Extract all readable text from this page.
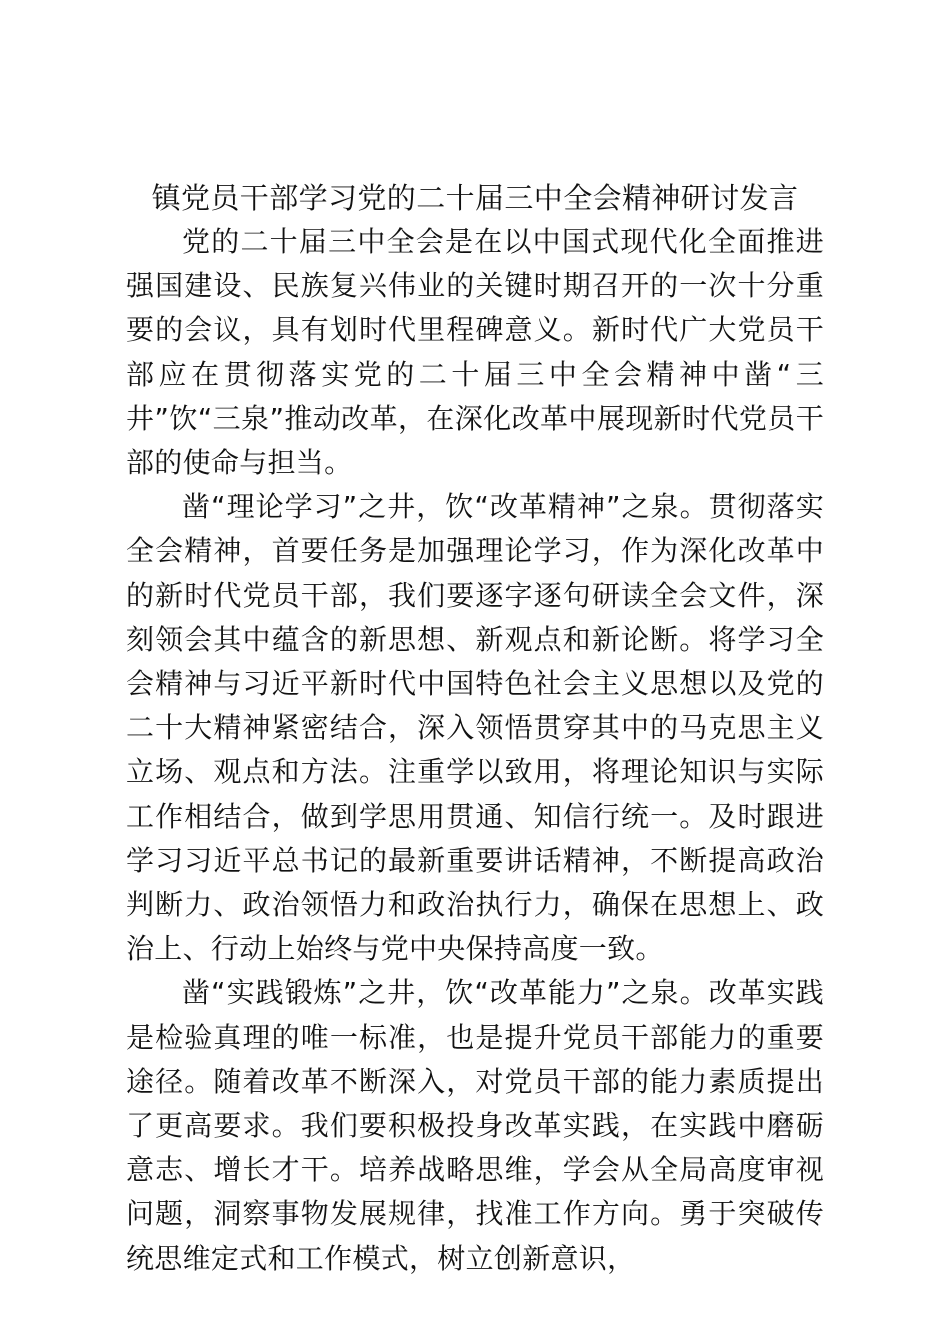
镇党员干部学习党的二十届三中全会精神研讨发言

党的二十届三中全会是在以中国式现代化全面推进强国建设、民族复兴伟业的关键时期召开的一次十分重要的会议，具有划时代里程碑意义。新时代广大党员干部应在贯彻落实党的二十届三中全会精神中凿“三井”饮“三泉”推动改革，在深化改革中展现新时代党员干部的使命与担当。

凿“理论学习”之井，饮“改革精神”之泉。贯彻落实全会精神，首要任务是加强理论学习，作为深化改革中的新时代党员干部，我们要逐字逐句研读全会文件，深刻领会其中蕴含的新思想、新观点和新论断。将学习全会精神与习近平新时代中国特色社会主义思想以及党的二十大精神紧密结合，深入领悟贯穿其中的马克思主义立场、观点和方法。注重学以致用，将理论知识与实际工作相结合，做到学思用贯通、知信行统一。及时跟进学习习近平总书记的最新重要讲话精神，不断提高政治判断力、政治领悟力和政治执行力，确保在思想上、政治上、行动上始终与党中央保持高度一致。

凿“实践锻炼”之井，饮“改革能力”之泉。改革实践是检验真理的唯一标准，也是提升党员干部能力的重要途径。随着改革不断深入，对党员干部的能力素质提出了更高要求。我们要积极投身改革实践，在实践中磨砺意志、增长才干。培养战略思维，学会从全局高度审视问题，洞察事物发展规律，找准工作方向。勇于突破传统思维定式和工作模式，树立创新意识，
